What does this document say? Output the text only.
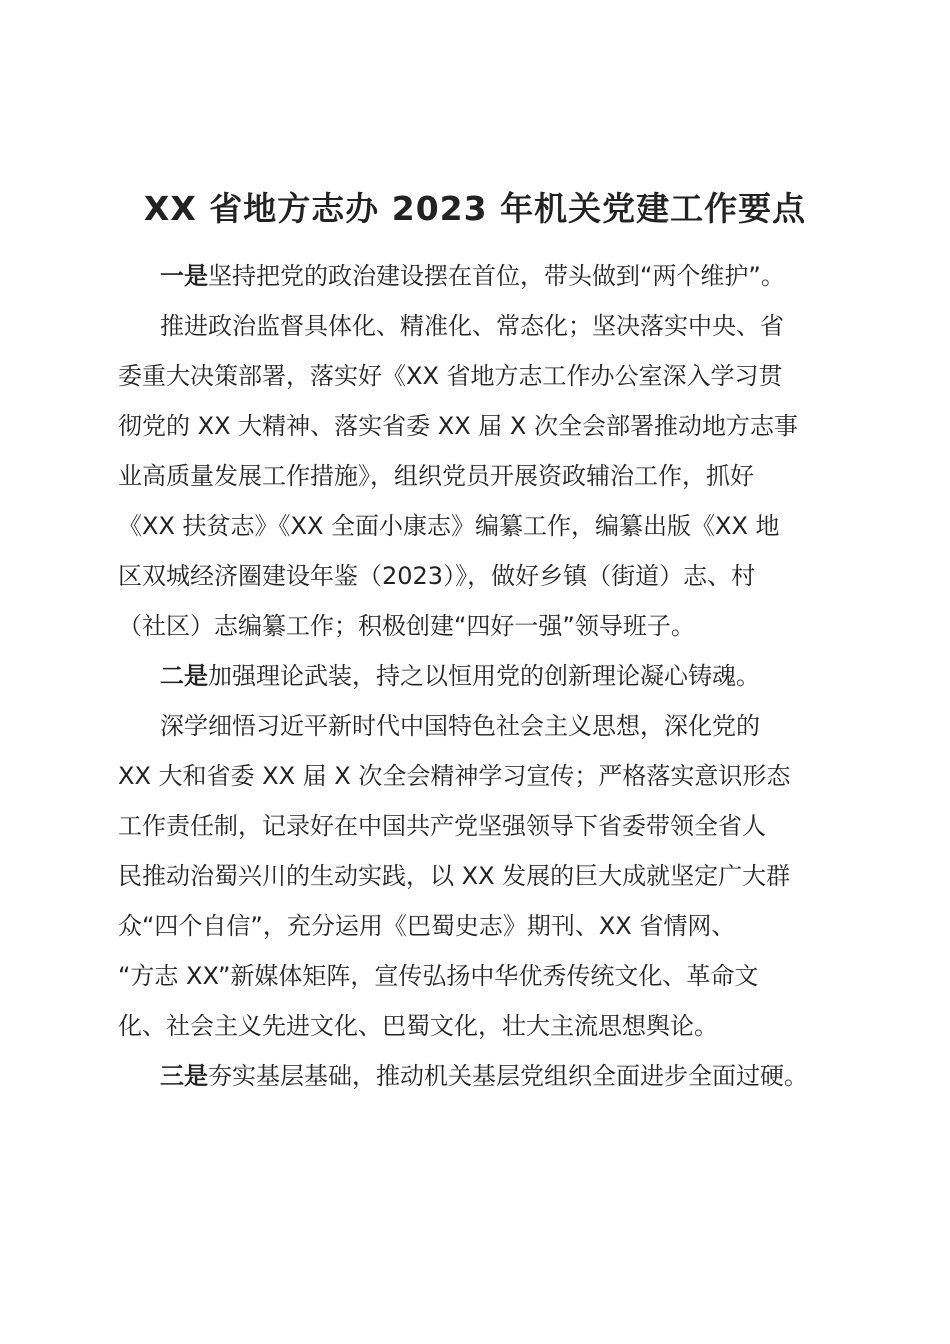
XX 省地方志办 2023 年机关党建工作要点
一是坚持把党的政治建设摆在首位，带头做到“两个维护”。
推进政治监督具体化、精准化、常态化；坚决落实中央、省
委重大决策部署，落实好《XX 省地方志工作办公室深入学习贯
彻党的 XX 大精神、落实省委 XX 届 X 次全会部署推动地方志事
业高质量发展工作措施》，组织党员开展资政辅治工作，抓好
《XX 扶贫志》《XX 全面小康志》编纂工作，编纂出版《XX 地
区双城经济圈建设年鉴（2023）》，做好乡镇（街道）志、村
（社区）志编纂工作；积极创建“四好一强”领导班子。
二是加强理论武装，持之以恒用党的创新理论凝心铸魂。
深学细悟习近平新时代中国特色社会主义思想，深化党的
XX 大和省委 XX 届 X 次全会精神学习宣传；严格落实意识形态
工作责任制，记录好在中国共产党坚强领导下省委带领全省人
民推动治蜀兴川的生动实践，以 XX 发展的巨大成就坚定广大群
众“四个自信”，充分运用《巴蜀史志》期刊、XX 省情网、
“方志 XX”新媒体矩阵，宣传弘扬中华优秀传统文化、革命文
化、社会主义先进文化、巴蜀文化，壮大主流思想舆论。
三是夯实基层基础，推动机关基层党组织全面进步全面过硬。
